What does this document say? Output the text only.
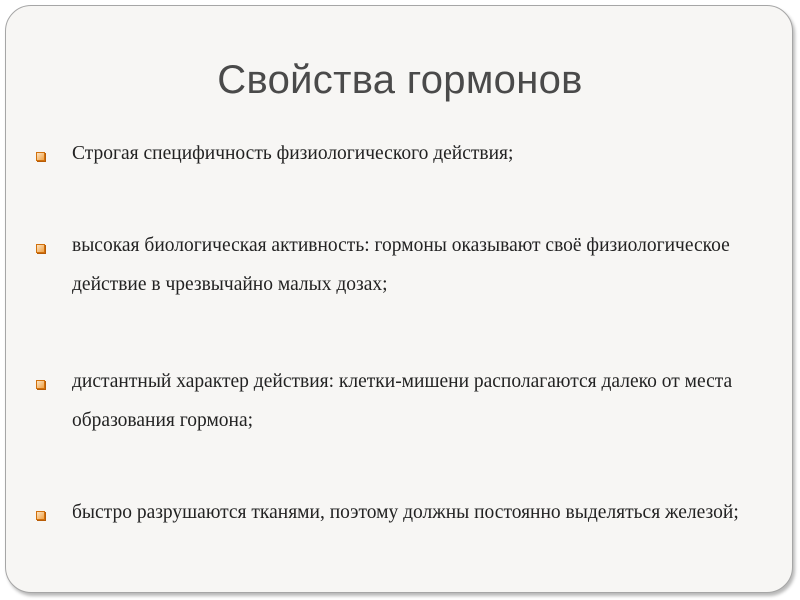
Свойства гормонов
Строгая специфичность физиологического действия;
высокая биологическая активность: гормоны оказывают своё физиологическое действие в чрезвычайно малых дозах;
дистантный характер действия: клетки-мишени располагаются далеко от места образования гормона;
быстро разрушаются тканями, поэтому должны постоянно выделяться железой;
